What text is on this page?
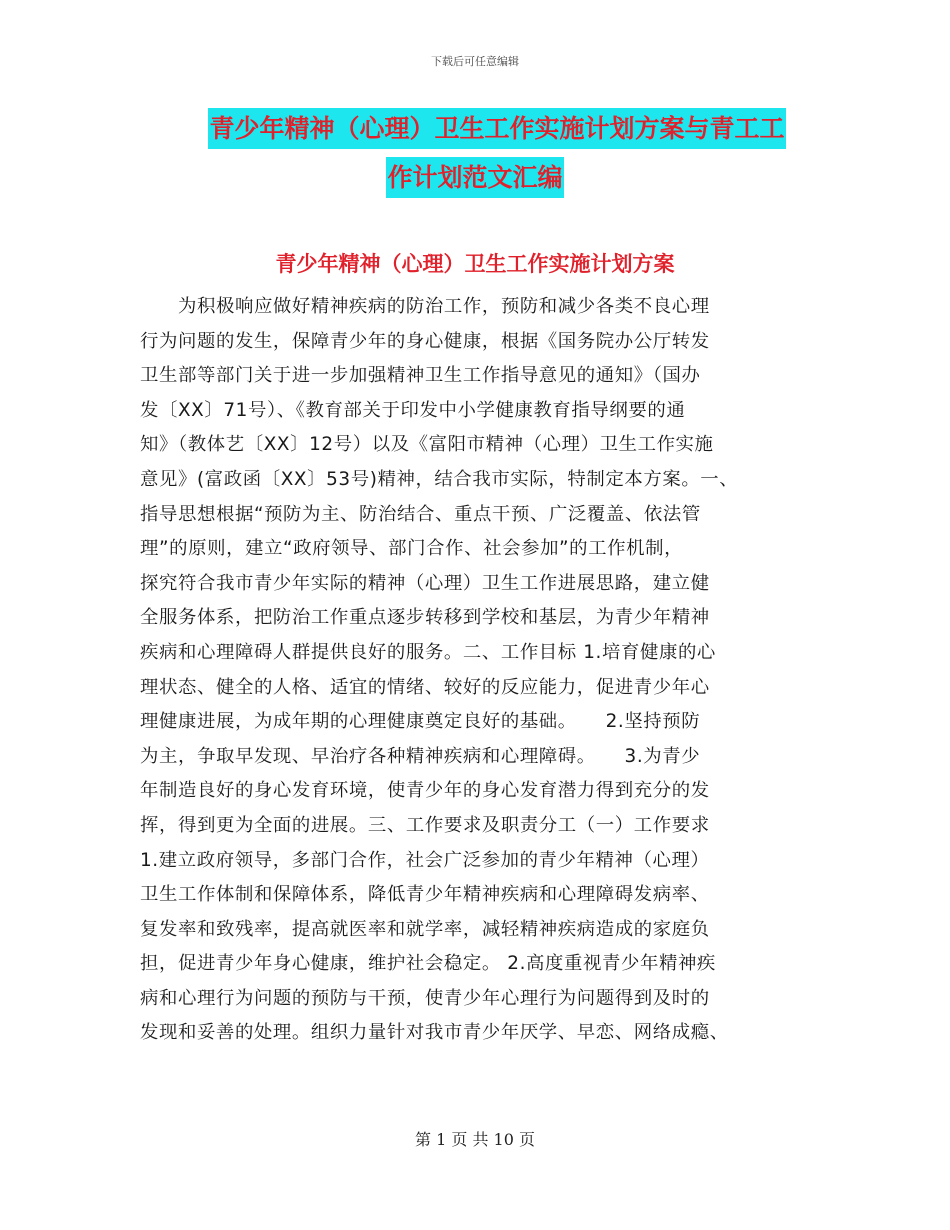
下载后可任意编辑
青少年精神（心理）卫生工作实施计划方案与青工工
作计划范文汇编
青少年精神（心理）卫生工作实施计划方案
　　为积极响应做好精神疾病的防治工作，预防和减少各类不良心理
行为问题的发生，保障青少年的身心健康，根据《国务院办公厅转发
卫生部等部门关于进一步加强精神卫生工作指导意见的通知》（国办
发〔XX〕71号）、《教育部关于印发中小学健康教育指导纲要的通
知》（教体艺〔XX〕12号）以及《富阳市精神（心理）卫生工作实施
意见》(富政函〔XX〕53号)精神，结合我市实际，特制定本方案。一、
指导思想根据“预防为主、防治结合、重点干预、广泛覆盖、依法管
理”的原则，建立“政府领导、部门合作、社会参加”的工作机制，
探究符合我市青少年实际的精神（心理）卫生工作进展思路，建立健
全服务体系，把防治工作重点逐步转移到学校和基层，为青少年精神
疾病和心理障碍人群提供良好的服务。二、工作目标 1.培育健康的心
理状态、健全的人格、适宜的情绪、较好的反应能力，促进青少年心
理健康进展，为成年期的心理健康奠定良好的基础。　　2.坚持预防
为主，争取早发现、早治疗各种精神疾病和心理障碍。　　3.为青少
年制造良好的身心发育环境，使青少年的身心发育潜力得到充分的发
挥，得到更为全面的进展。三、工作要求及职责分工（一）工作要求
1.建立政府领导，多部门合作，社会广泛参加的青少年精神（心理）
卫生工作体制和保障体系，降低青少年精神疾病和心理障碍发病率、
复发率和致残率，提高就医率和就学率，减轻精神疾病造成的家庭负
担，促进青少年身心健康，维护社会稳定。 2.高度重视青少年精神疾
病和心理行为问题的预防与干预，使青少年心理行为问题得到及时的
发现和妥善的处理。组织力量针对我市青少年厌学、早恋、网络成瘾、
第 1 页 共 10 页
